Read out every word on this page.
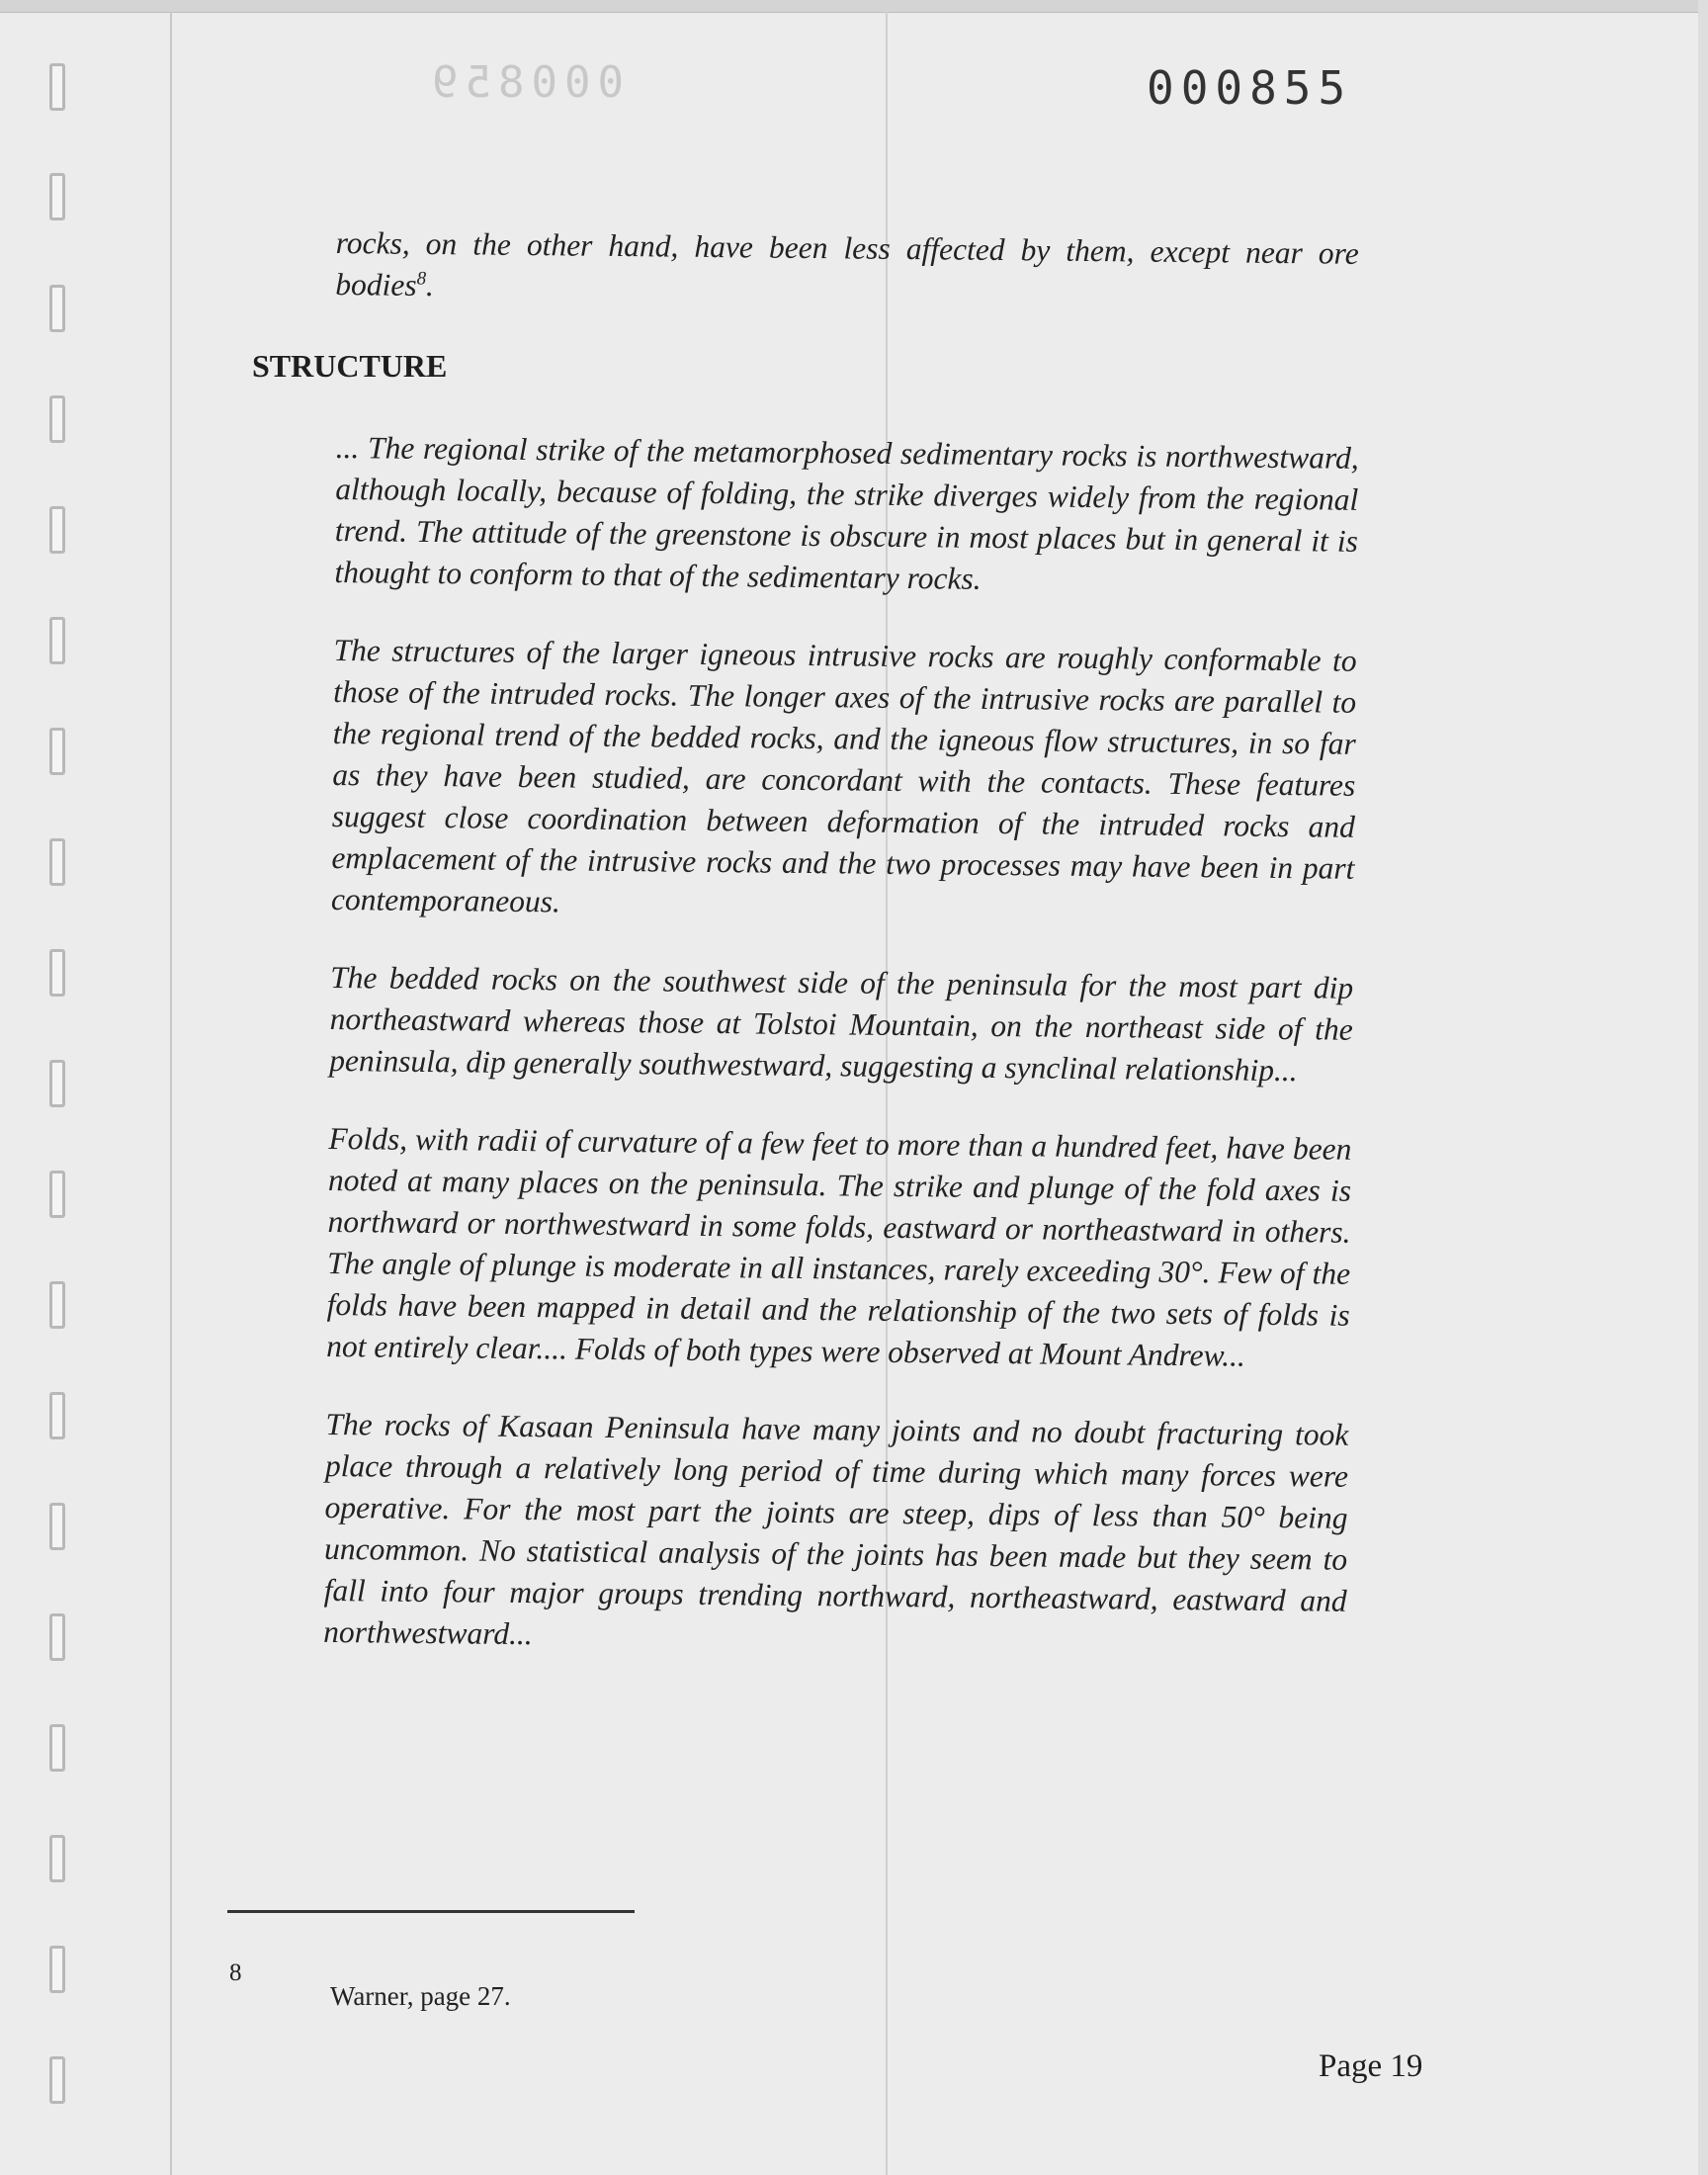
000859	000855

rocks, on the other hand, have been less affected by them, except near ore bodies$^8$.

STRUCTURE

... The regional strike of the metamorphosed sedimentary rocks is northwestward, although locally, because of folding, the strike diverges widely from the regional trend. The attitude of the greenstone is obscure in most places but in general it is thought to conform to that of the sedimentary rocks.

The structures of the larger igneous intrusive rocks are roughly conformable to those of the intruded rocks. The longer axes of the intrusive rocks are parallel to the regional trend of the bedded rocks, and the igneous flow structures, in so far as they have been studied, are concordant with the contacts. These features suggest close coordination between deformation of the intruded rocks and emplacement of the intrusive rocks and the two processes may have been in part contemporaneous.

The bedded rocks on the southwest side of the peninsula for the most part dip northeastward whereas those at Tolstoi Mountain, on the northeast side of the peninsula, dip generally southwestward, suggesting a synclinal relationship...

Folds, with radii of curvature of a few feet to more than a hundred feet, have been noted at many places on the peninsula. The strike and plunge of the fold axes is northward or northwestward in some folds, eastward or northeastward in others. The angle of plunge is moderate in all instances, rarely exceeding 30°. Few of the folds have been mapped in detail and the relationship of the two sets of folds is not entirely clear.... Folds of both types were observed at Mount Andrew...

The rocks of Kasaan Peninsula have many joints and no doubt fracturing took place through a relatively long period of time during which many forces were operative. For the most part the joints are steep, dips of less than 50° being uncommon. No statistical analysis of the joints has been made but they seem to fall into four major groups trending northward, northeastward, eastward and northwestward...

8
Warner, page 27.
Page 19
